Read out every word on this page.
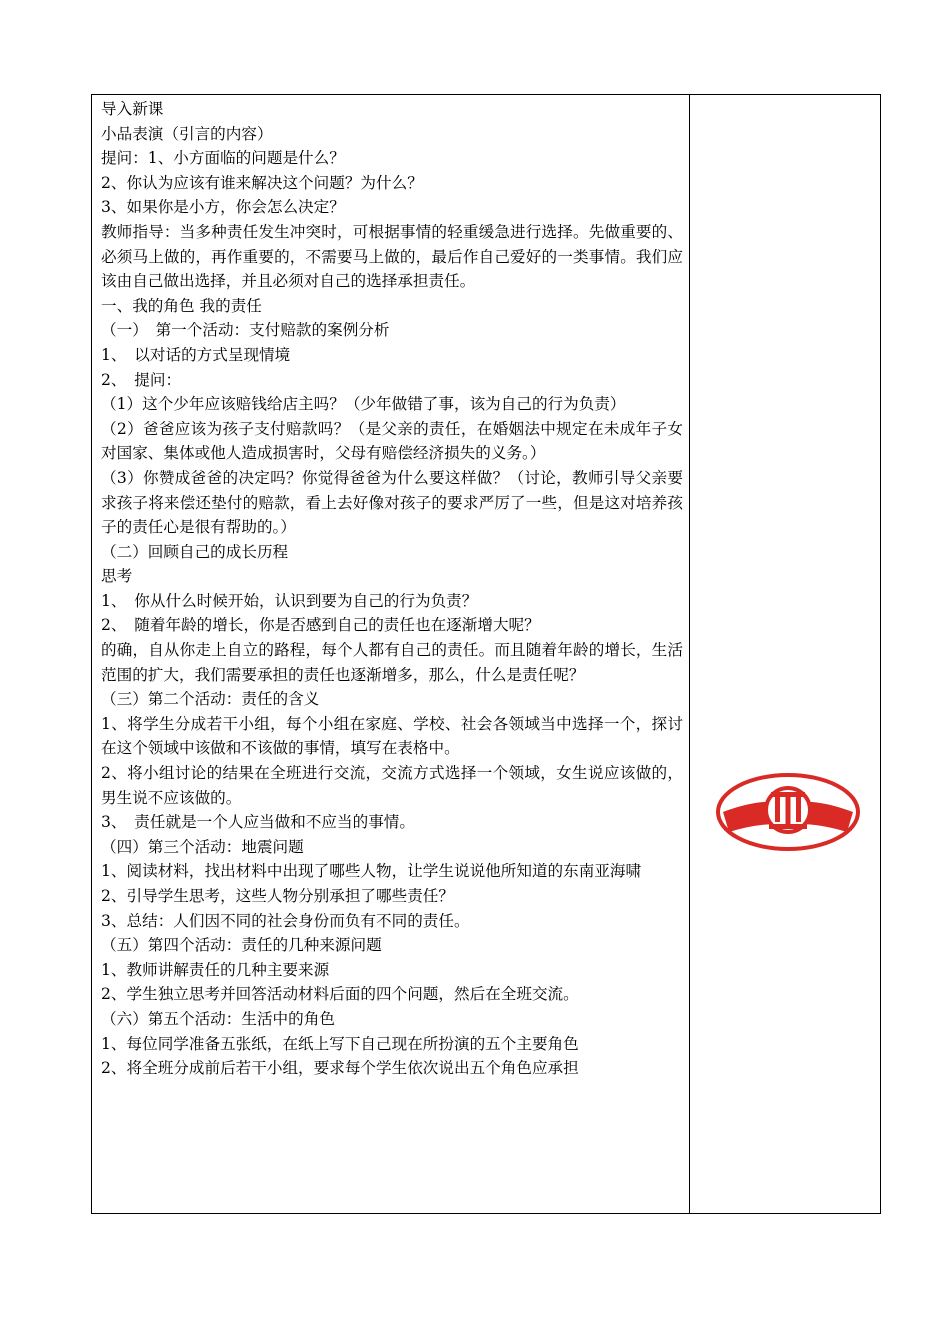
导入新课

小品表演（引言的内容）

提问：1、小方面临的问题是什么？

2、你认为应该有谁来解决这个问题？为什么？

3、如果你是小方，你会怎么决定？

教师指导：当多种责任发生冲突时，可根据事情的轻重缓急进行选择。先做重要的、必须马上做的，再作重要的，不需要马上做的，最后作自己爱好的一类事情。我们应该由自己做出选择，并且必须对自己的选择承担责任。

一、我的角色 我的责任

（一）　第一个活动：支付赔款的案例分析

1、　以对话的方式呈现情境

2、　提问：

（1）这个少年应该赔钱给店主吗？（少年做错了事，该为自己的行为负责）

（2）爸爸应该为孩子支付赔款吗？（是父亲的责任，在婚姻法中规定在未成年子女对国家、集体或他人造成损害时，父母有赔偿经济损失的义务。）

（3）你赞成爸爸的决定吗？你觉得爸爸为什么要这样做？（讨论，教师引导父亲要求孩子将来偿还垫付的赔款，看上去好像对孩子的要求严厉了一些，但是这对培养孩子的责任心是很有帮助的。）

（二）回顾自己的成长历程

思考

1、　你从什么时候开始，认识到要为自己的行为负责？

2、　随着年龄的增长，你是否感到自己的责任也在逐渐增大呢？

的确，自从你走上自立的路程，每个人都有自己的责任。而且随着年龄的增长，生活范围的扩大，我们需要承担的责任也逐渐增多，那么，什么是责任呢？

（三）第二个活动：责任的含义

1、将学生分成若干小组，每个小组在家庭、学校、社会各领域当中选择一个，探讨在这个领域中该做和不该做的事情，填写在表格中。

2、将小组讨论的结果在全班进行交流，交流方式选择一个领域，女生说应该做的，男生说不应该做的。

3、　责任就是一个人应当做和不应当的事情。

（四）第三个活动：地震问题

1、阅读材料，找出材料中出现了哪些人物，让学生说说他所知道的东南亚海啸

2、引导学生思考，这些人物分别承担了哪些责任？

3、总结：人们因不同的社会身份而负有不同的责任。

（五）第四个活动：责任的几种来源问题

1、教师讲解责任的几种主要来源

2、学生独立思考并回答活动材料后面的四个问题，然后在全班交流。

（六）第五个活动：生活中的角色

1、每位同学准备五张纸，在纸上写下自己现在所扮演的五个主要角色

2、将全班分成前后若干小组，要求每个学生依次说出五个角色应承担
